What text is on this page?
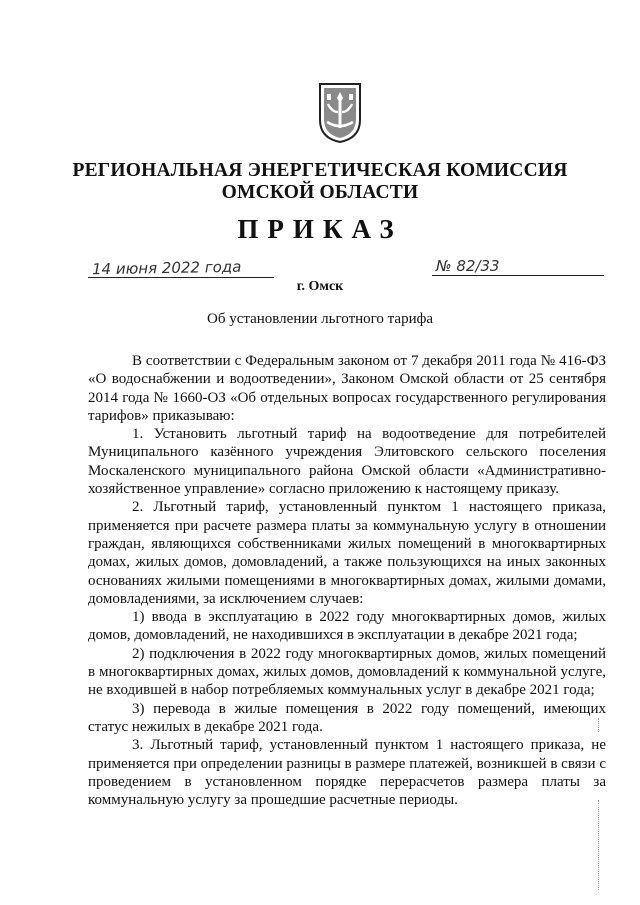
РЕГИОНАЛЬНАЯ ЭНЕРГЕТИЧЕСКАЯ КОМИССИЯ
ОМСКОЙ ОБЛАСТИ
ПРИКАЗ
14 июня 2022 года	№ 82/33
г. Омск
Об установлении льготного тарифа

В соответствии с Федеральным законом от 7 декабря 2011 года № 416-ФЗ «О водоснабжении и водоотведении», Законом Омской области от 25 сентября 2014 года № 1660-ОЗ «Об отдельных вопросах государственного регулирования тарифов» приказываю:

1. Установить льготный тариф на водоотведение для потребителей Муниципального казённого учреждения Элитовского сельского поселения Москаленского муниципального района Омской области «Административно-хозяйственное управление» согласно приложению к настоящему приказу.

2. Льготный тариф, установленный пунктом 1 настоящего приказа, применяется при расчете размера платы за коммунальную услугу в отношении граждан, являющихся собственниками жилых помещений в многоквартирных домах, жилых домов, домовладений, а также пользующихся на иных законных основаниях жилыми помещениями в многоквартирных домах, жилыми домами, домовладениями, за исключением случаев:

1) ввода в эксплуатацию в 2022 году многоквартирных домов, жилых домов, домовладений, не находившихся в эксплуатации в декабре 2021 года;

2) подключения в 2022 году многоквартирных домов, жилых помещений в многоквартирных домах, жилых домов, домовладений к коммунальной услуге, не входившей в набор потребляемых коммунальных услуг в декабре 2021 года;

3) перевода в жилые помещения в 2022 году помещений, имеющих статус нежилых в декабре 2021 года.

3. Льготный тариф, установленный пунктом 1 настоящего приказа, не применяется при определении разницы в размере платежей, возникшей в связи с проведением в установленном порядке перерасчетов размера платы за коммунальную услугу за прошедшие расчетные периоды.
